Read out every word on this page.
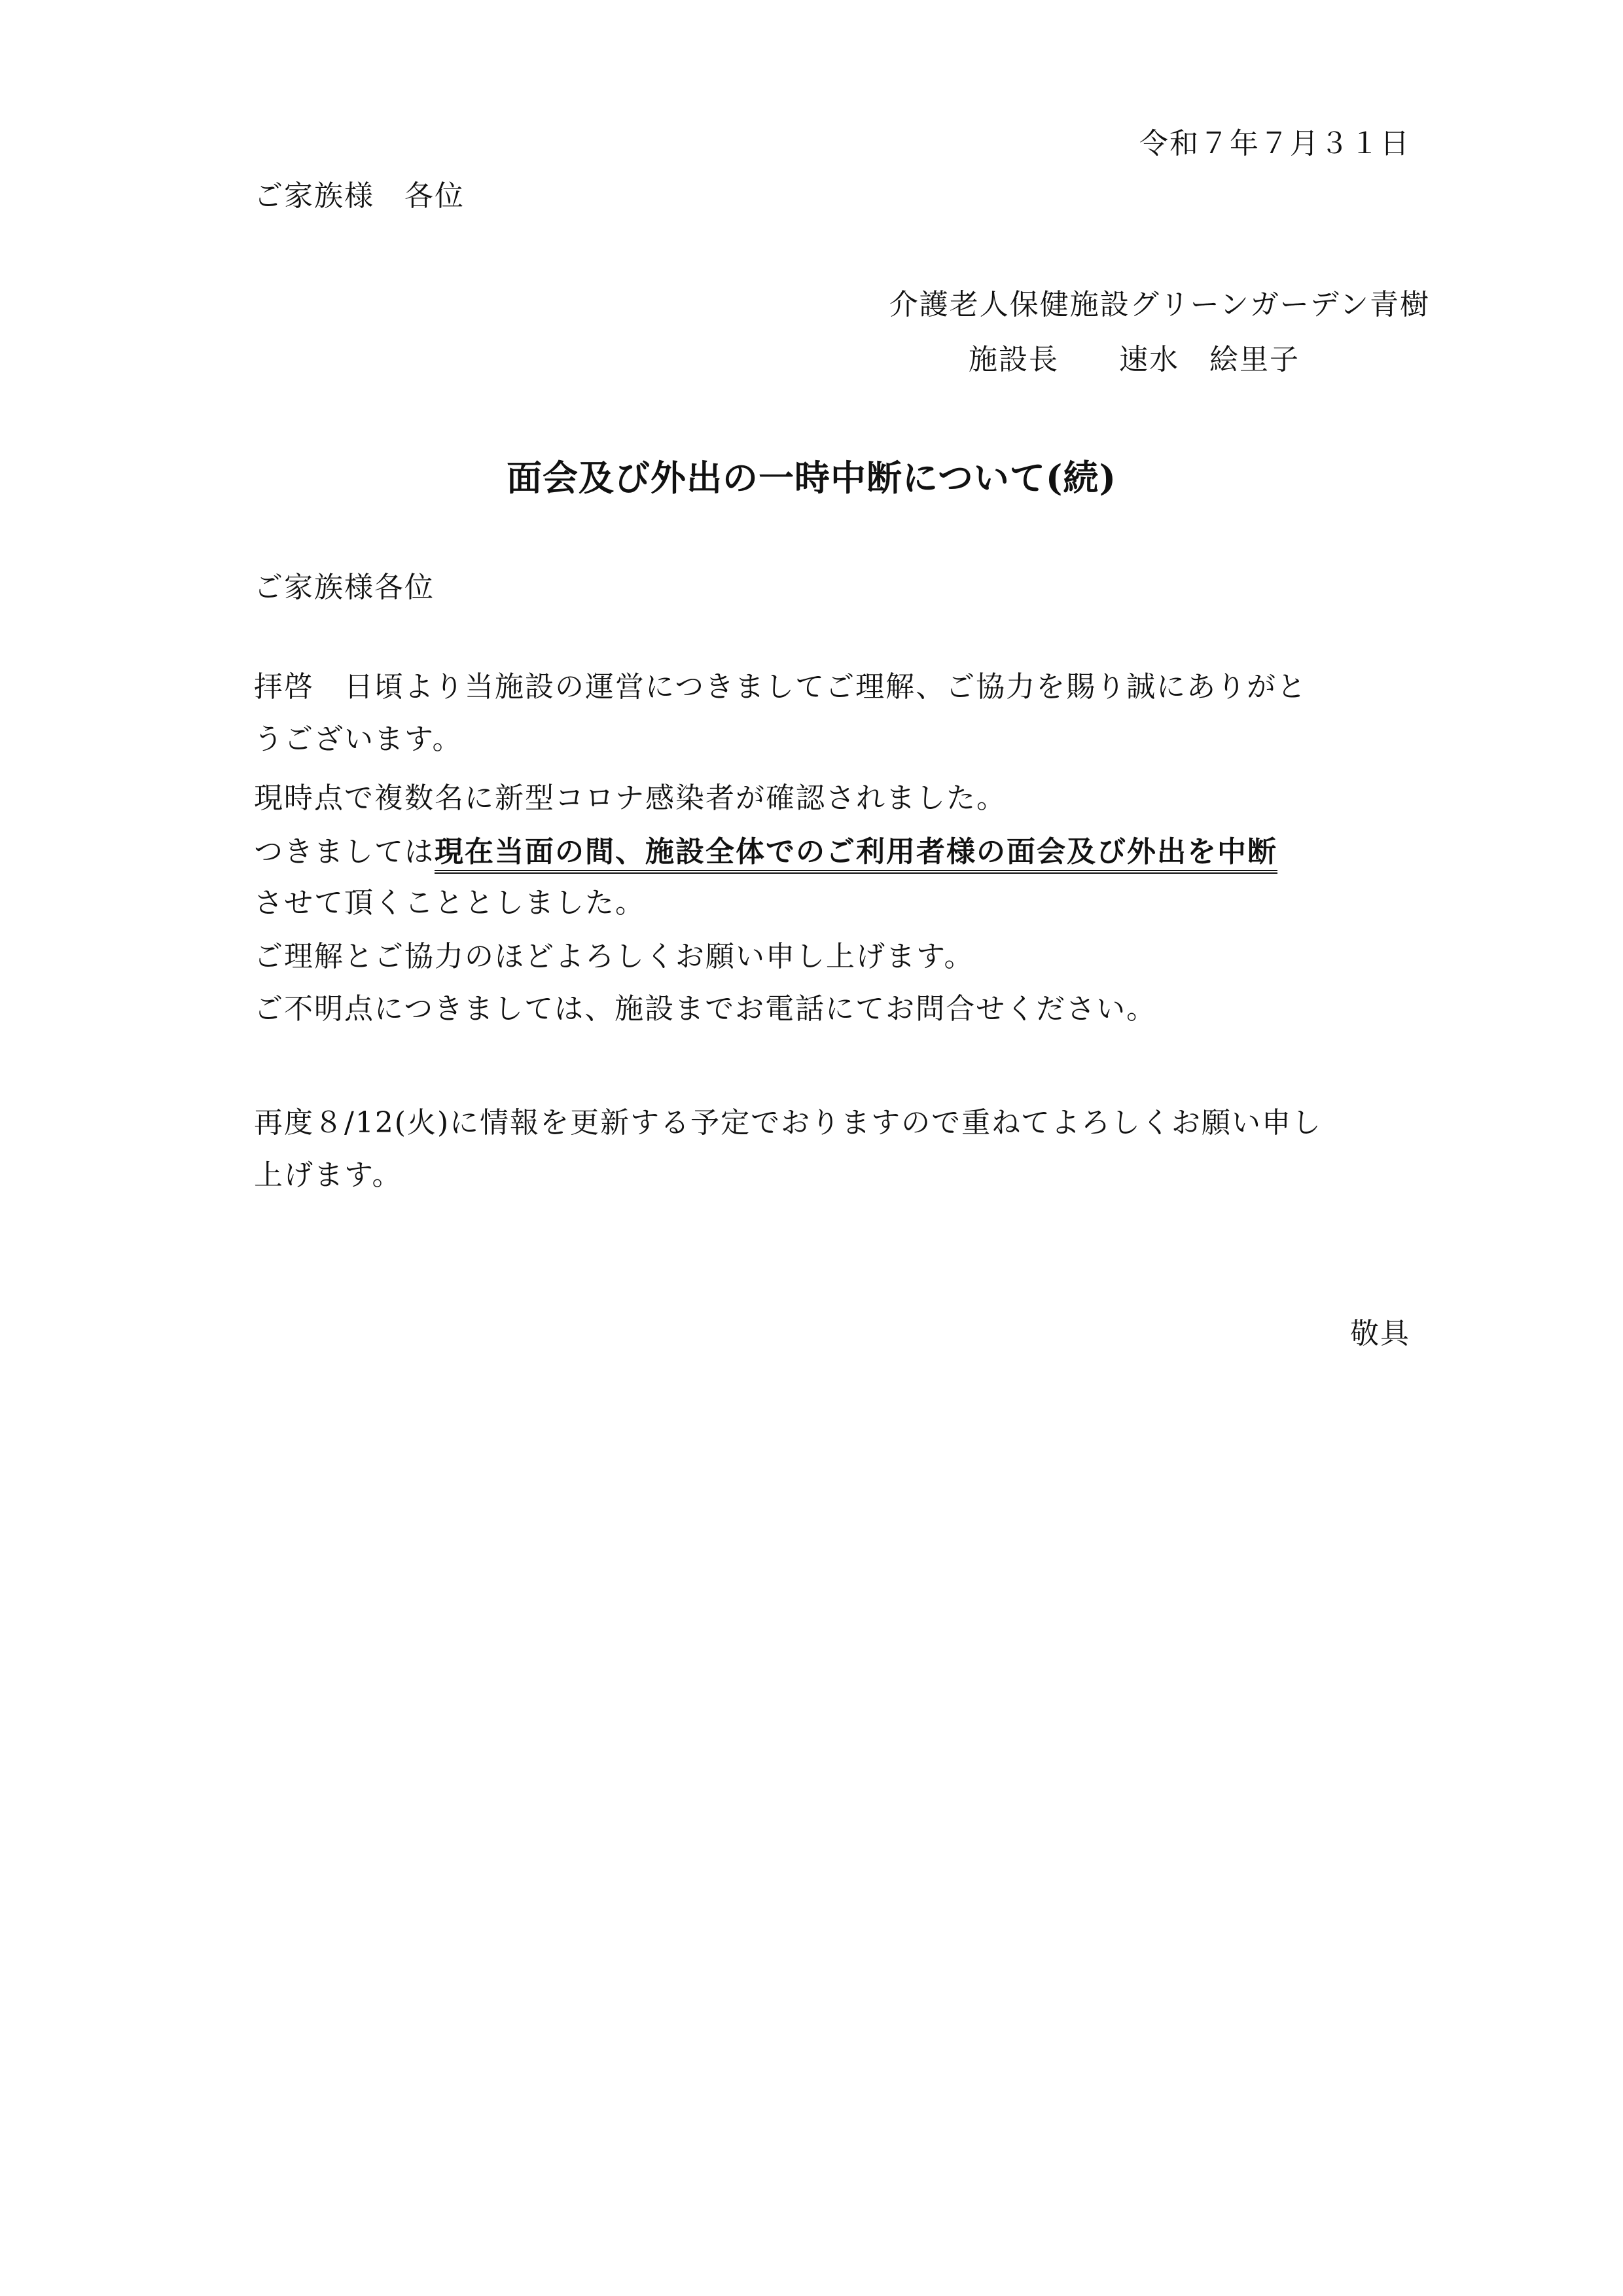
令和７年７月３１日
ご家族様　各位
介護老人保健施設グリーンガーデン青樹
施設長　　速水　絵里子
面会及び外出の一時中断について(続)
ご家族様各位
拝啓　日頃より当施設の運営につきましてご理解、ご協力を賜り誠にありがと
うございます。
現時点で複数名に新型コロナ感染者が確認されました。
つきましては現在当面の間、施設全体でのご利用者様の面会及び外出を中断
させて頂くこととしました。
ご理解とご協力のほどよろしくお願い申し上げます。
ご不明点につきましては、施設までお電話にてお問合せください。
再度８/12(火)に情報を更新する予定でおりますので重ねてよろしくお願い申し
上げます。
敬具
